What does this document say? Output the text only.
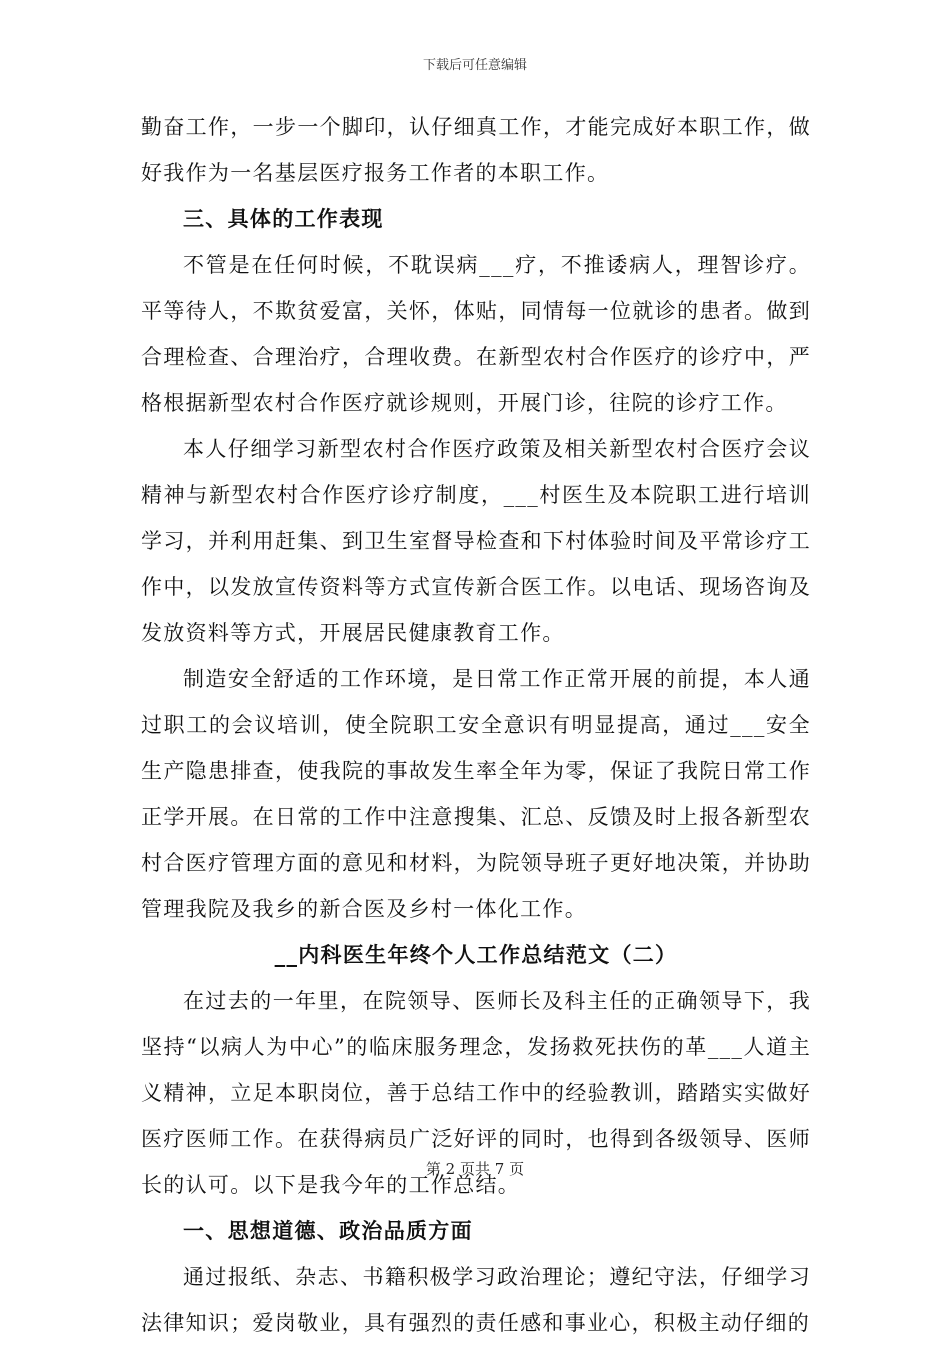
下载后可任意编辑

勤奋工作，一步一个脚印，认仔细真工作，才能完成好本职工作，做好我作为一名基层医疗报务工作者的本职工作。

三、具体的工作表现

不管是在任何时候，不耽误病___疗，不推诿病人，理智诊疗。平等待人，不欺贫爱富，关怀，体贴，同情每一位就诊的患者。做到合理检查、合理治疗，合理收费。在新型农村合作医疗的诊疗中，严格根据新型农村合作医疗就诊规则，开展门诊，往院的诊疗工作。

本人仔细学习新型农村合作医疗政策及相关新型农村合医疗会议精神与新型农村合作医疗诊疗制度，___村医生及本院职工进行培训学习，并利用赶集、到卫生室督导检查和下村体验时间及平常诊疗工作中，以发放宣传资料等方式宣传新合医工作。以电话、现场咨询及发放资料等方式，开展居民健康教育工作。

制造安全舒适的工作环境，是日常工作正常开展的前提，本人通过职工的会议培训，使全院职工安全意识有明显提高，通过___安全生产隐患排查，使我院的事故发生率全年为零，保证了我院日常工作正学开展。在日常的工作中注意搜集、汇总、反馈及时上报各新型农村合医疗管理方面的意见和材料，为院领导班子更好地决策，并协助管理我院及我乡的新合医及乡村一体化工作。

__内科医生年终个人工作总结范文（二）

在过去的一年里，在院领导、医师长及科主任的正确领导下，我坚持“以病人为中心”的临床服务理念，发扬救死扶伤的革___人道主义精神，立足本职岗位，善于总结工作中的经验教训，踏踏实实做好医疗医师工作。在获得病员广泛好评的同时，也得到各级领导、医师长的认可。以下是我今年的工作总结。

一、思想道德、政治品质方面

通过报纸、杂志、书籍积极学习政治理论；遵纪守法，仔细学习法律知识；爱岗敬业，具有强烈的责任感和事业心，积极主动仔细的

第 2 页共 7 页
